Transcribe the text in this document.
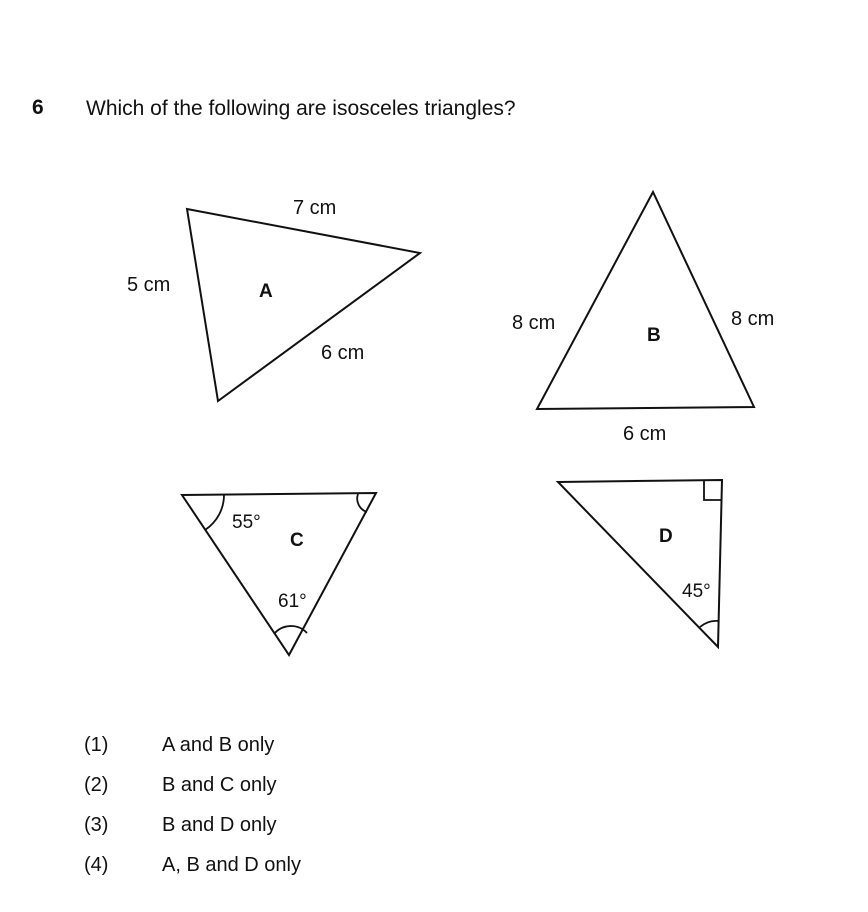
6 Which of the following are isosceles triangles?
A
7 cm
5 cm
6 cm
B
8 cm	8 cm
6 cm
C
55°
61°
D
45°
(1)	A and B only
(2)	B and C only
(3)	B and D only
(4)	A, B and D only
